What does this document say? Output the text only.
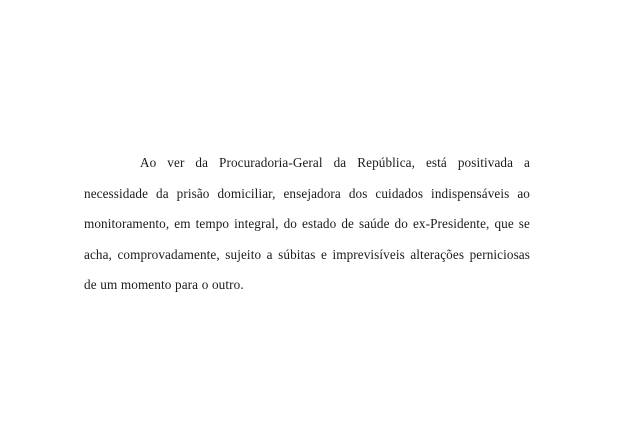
Ao ver da Procuradoria-Geral da República, está positivada a necessidade da prisão domiciliar, ensejadora dos cuidados indispensáveis ao monitoramento, em tempo integral, do estado de saúde do ex-Presidente, que se acha, comprovadamente, sujeito a súbitas e imprevisíveis alterações perniciosas de um momento para o outro.
